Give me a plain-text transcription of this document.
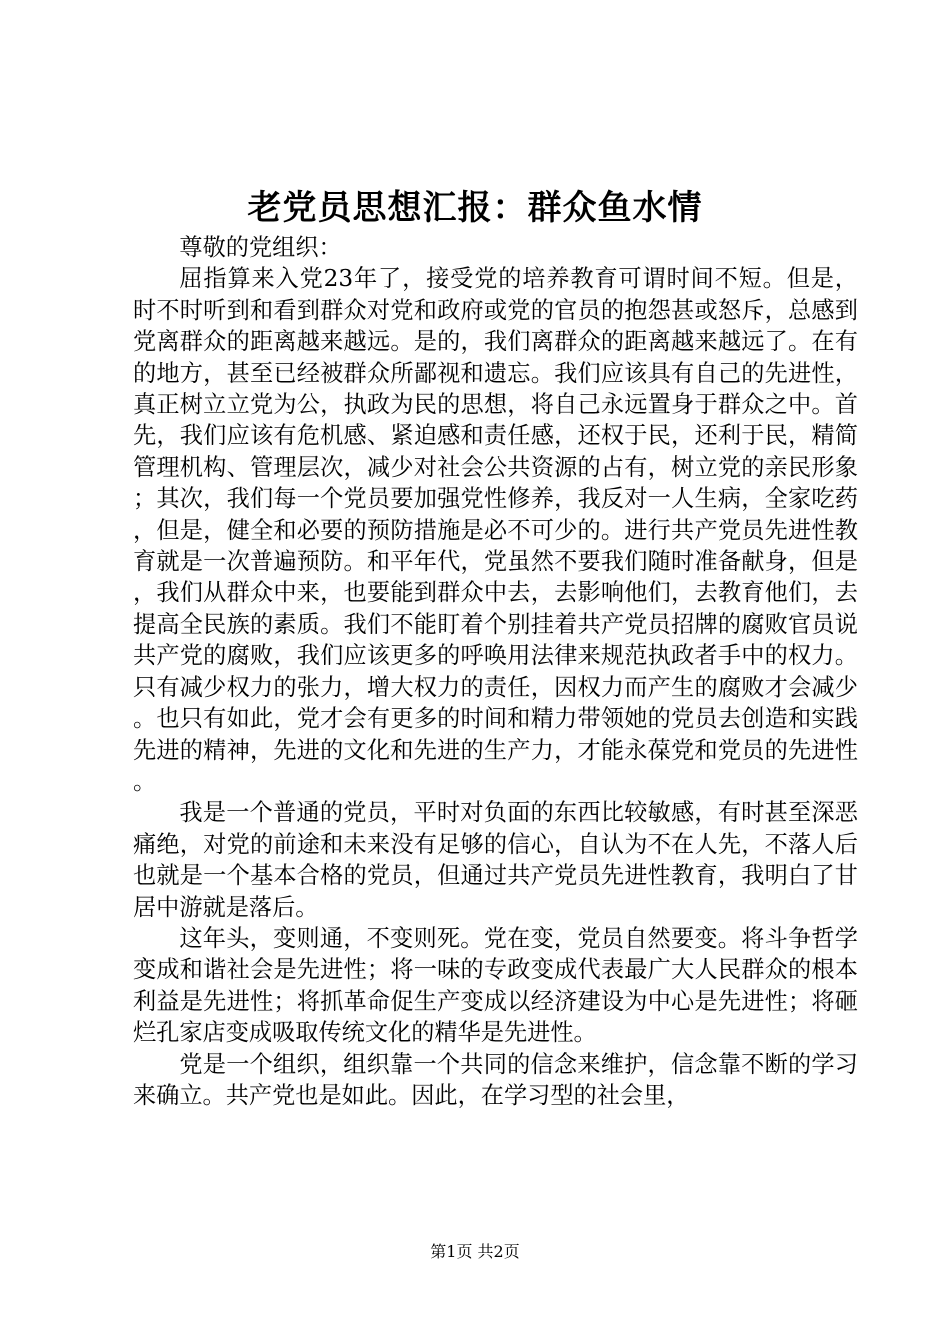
老党员思想汇报：群众鱼水情

尊敬的党组织：

屈指算来入党23年了，接受党的培养教育可谓时间不短。但是，时不时听到和看到群众对党和政府或党的官员的抱怨甚或怒斥，总感到党离群众的距离越来越远。是的，我们离群众的距离越来越远了。在有的地方，甚至已经被群众所鄙视和遗忘。我们应该具有自己的先进性，真正树立立党为公，执政为民的思想，将自己永远置身于群众之中。首先，我们应该有危机感、紧迫感和责任感，还权于民，还利于民，精简管理机构、管理层次，减少对社会公共资源的占有，树立党的亲民形象；其次，我们每一个党员要加强党性修养，我反对一人生病，全家吃药，但是，健全和必要的预防措施是必不可少的。进行共产党员先进性教育就是一次普遍预防。和平年代，党虽然不要我们随时准备献身，但是，我们从群众中来，也要能到群众中去，去影响他们，去教育他们，去提高全民族的素质。我们不能盯着个别挂着共产党员招牌的腐败官员说共产党的腐败，我们应该更多的呼唤用法律来规范执政者手中的权力。只有减少权力的张力，增大权力的责任，因权力而产生的腐败才会减少。也只有如此，党才会有更多的时间和精力带领她的党员去创造和实践先进的精神，先进的文化和先进的生产力，才能永葆党和党员的先进性。

我是一个普通的党员，平时对负面的东西比较敏感，有时甚至深恶痛绝，对党的前途和未来没有足够的信心，自认为不在人先，不落人后也就是一个基本合格的党员，但通过共产党员先进性教育，我明白了甘居中游就是落后。

这年头，变则通，不变则死。党在变，党员自然要变。将斗争哲学变成和谐社会是先进性；将一味的专政变成代表最广大人民群众的根本利益是先进性；将抓革命促生产变成以经济建设为中心是先进性；将砸烂孔家店变成吸取传统文化的精华是先进性。

党是一个组织，组织靠一个共同的信念来维护，信念靠不断的学习来确立。共产党也是如此。因此，在学习型的社会里，

第1页 共2页
